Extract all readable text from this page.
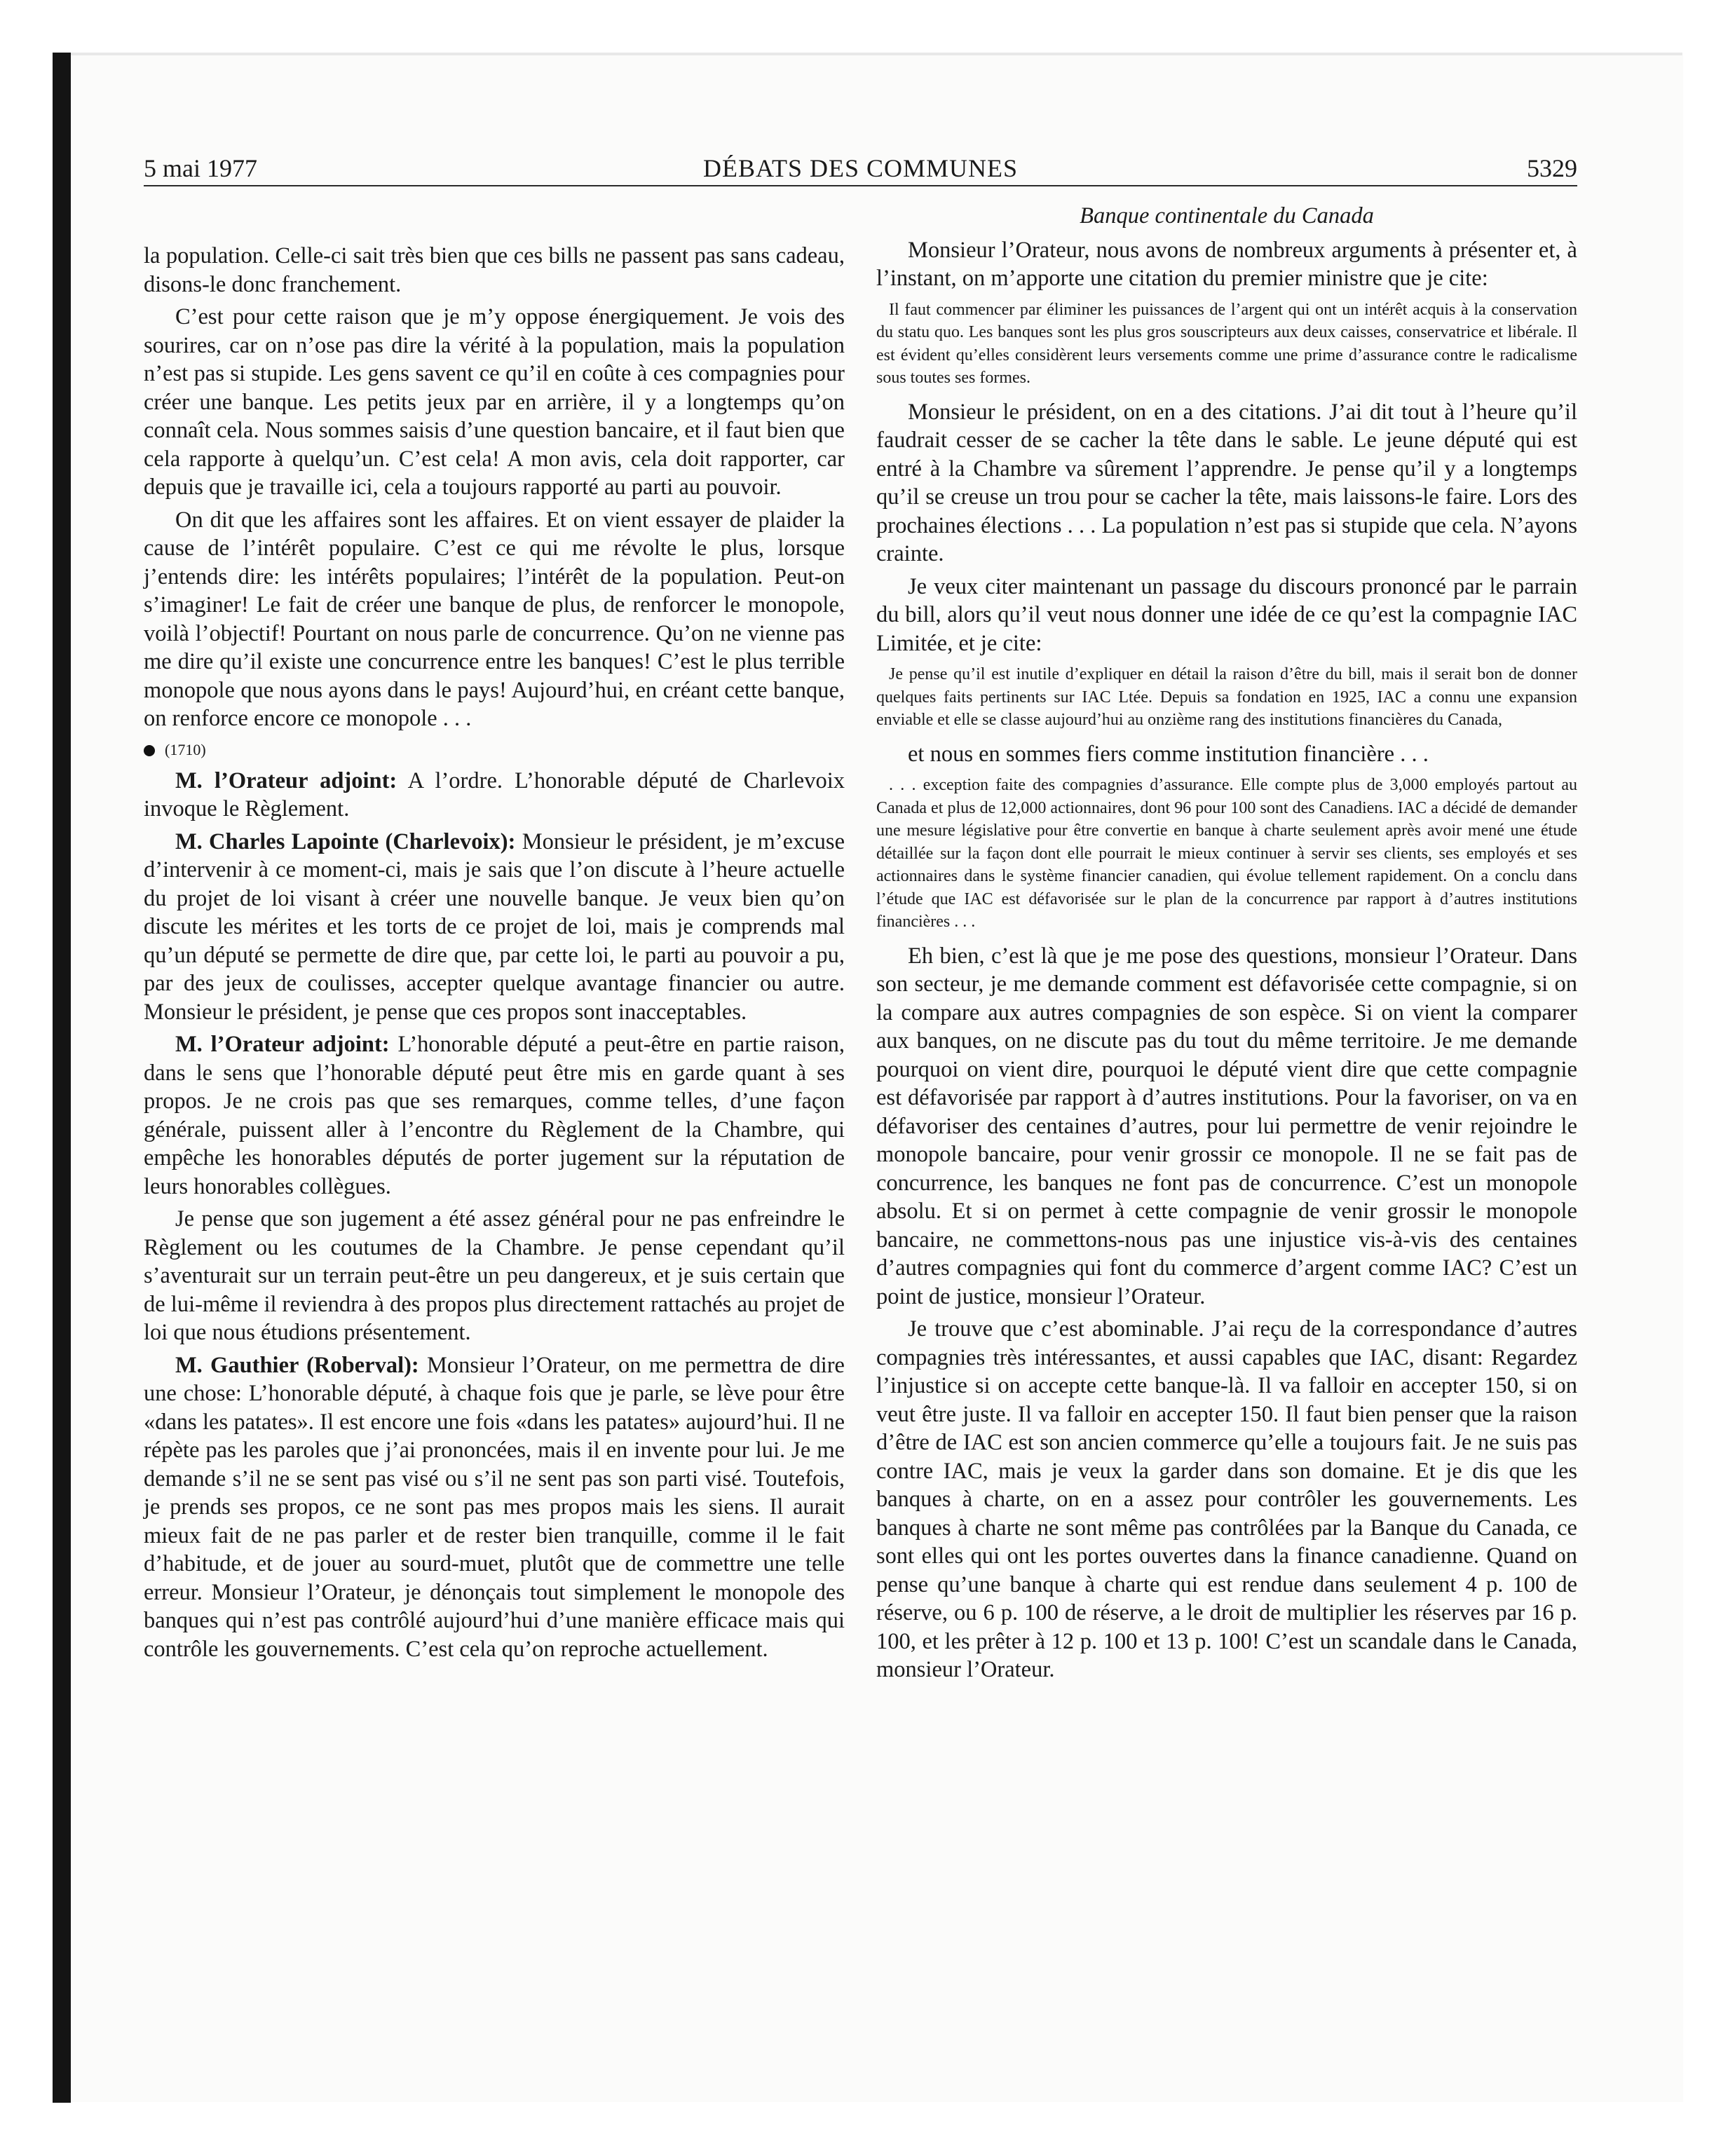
DÉBATS DES COMMUNES
5 mai 1977	5329

la population. Celle-ci sait très bien que ces bills ne passent pas sans cadeau, disons-le donc franchement.

C’est pour cette raison que je m’y oppose énergiquement. Je vois des sourires, car on n’ose pas dire la vérité à la population, mais la population n’est pas si stupide. Les gens savent ce qu’il en coûte à ces compagnies pour créer une banque. Les petits jeux par en arrière, il y a longtemps qu’on connaît cela. Nous sommes saisis d’une question bancaire, et il faut bien que cela rapporte à quelqu’un. C’est cela! A mon avis, cela doit rapporter, car depuis que je travaille ici, cela a toujours rapporté au parti au pouvoir.

On dit que les affaires sont les affaires. Et on vient essayer de plaider la cause de l’intérêt populaire. C’est ce qui me révolte le plus, lorsque j’entends dire: les intérêts populaires; l’intérêt de la population. Peut-on s’imaginer! Le fait de créer une banque de plus, de renforcer le monopole, voilà l’objectif! Pourtant on nous parle de concurrence. Qu’on ne vienne pas me dire qu’il existe une concurrence entre les banques! C’est le plus terrible monopole que nous ayons dans le pays! Aujourd’hui, en créant cette banque, on renforce encore ce monopole . . .

(1710)

M. l’Orateur adjoint: A l’ordre. L’honorable député de Charlevoix invoque le Règlement.

M. Charles Lapointe (Charlevoix): Monsieur le président, je m’excuse d’intervenir à ce moment-ci, mais je sais que l’on discute à l’heure actuelle du projet de loi visant à créer une nouvelle banque. Je veux bien qu’on discute les mérites et les torts de ce projet de loi, mais je comprends mal qu’un député se permette de dire que, par cette loi, le parti au pouvoir a pu, par des jeux de coulisses, accepter quelque avantage financier ou autre. Monsieur le président, je pense que ces propos sont inacceptables.

M. l’Orateur adjoint: L’honorable député a peut-être en partie raison, dans le sens que l’honorable député peut être mis en garde quant à ses propos. Je ne crois pas que ses remarques, comme telles, d’une façon générale, puissent aller à l’encontre du Règlement de la Chambre, qui empêche les honorables députés de porter jugement sur la réputation de leurs honorables collègues.

Je pense que son jugement a été assez général pour ne pas enfreindre le Règlement ou les coutumes de la Chambre. Je pense cependant qu’il s’aventurait sur un terrain peut-être un peu dangereux, et je suis certain que de lui-même il reviendra à des propos plus directement rattachés au projet de loi que nous étudions présentement.

M. Gauthier (Roberval): Monsieur l’Orateur, on me permettra de dire une chose: L’honorable député, à chaque fois que je parle, se lève pour être «dans les patates». Il est encore une fois «dans les patates» aujourd’hui. Il ne répète pas les paroles que j’ai prononcées, mais il en invente pour lui. Je me demande s’il ne se sent pas visé ou s’il ne sent pas son parti visé. Toutefois, je prends ses propos, ce ne sont pas mes propos mais les siens. Il aurait mieux fait de ne pas parler et de rester bien tranquille, comme il le fait d’habitude, et de jouer au sourd-muet, plutôt que de commettre une telle erreur. Monsieur l’Orateur, je dénonçais tout simplement le monopole des banques qui n’est pas contrôlé aujourd’hui d’une manière efficace mais qui contrôle les gouvernements. C’est cela qu’on reproche actuellement.

Banque continentale du Canada

Monsieur l’Orateur, nous avons de nombreux arguments à présenter et, à l’instant, on m’apporte une citation du premier ministre que je cite:

Il faut commencer par éliminer les puissances de l’argent qui ont un intérêt acquis à la conservation du statu quo. Les banques sont les plus gros souscripteurs aux deux caisses, conservatrice et libérale. Il est évident qu’elles considèrent leurs versements comme une prime d’assurance contre le radicalisme sous toutes ses formes.

Monsieur le président, on en a des citations. J’ai dit tout à l’heure qu’il faudrait cesser de se cacher la tête dans le sable. Le jeune député qui est entré à la Chambre va sûrement l’apprendre. Je pense qu’il y a longtemps qu’il se creuse un trou pour se cacher la tête, mais laissons-le faire. Lors des prochaines élections . . . La population n’est pas si stupide que cela. N’ayons crainte.

Je veux citer maintenant un passage du discours prononcé par le parrain du bill, alors qu’il veut nous donner une idée de ce qu’est la compagnie IAC Limitée, et je cite:

Je pense qu’il est inutile d’expliquer en détail la raison d’être du bill, mais il serait bon de donner quelques faits pertinents sur IAC Ltée. Depuis sa fondation en 1925, IAC a connu une expansion enviable et elle se classe aujourd’hui au onzième rang des institutions financières du Canada,

et nous en sommes fiers comme institution financière . . .

. . . exception faite des compagnies d’assurance. Elle compte plus de 3,000 employés partout au Canada et plus de 12,000 actionnaires, dont 96 pour 100 sont des Canadiens. IAC a décidé de demander une mesure législative pour être convertie en banque à charte seulement après avoir mené une étude détaillée sur la façon dont elle pourrait le mieux continuer à servir ses clients, ses employés et ses actionnaires dans le système financier canadien, qui évolue tellement rapidement. On a conclu dans l’étude que IAC est défavorisée sur le plan de la concurrence par rapport à d’autres institutions financières . . .

Eh bien, c’est là que je me pose des questions, monsieur l’Orateur. Dans son secteur, je me demande comment est défavorisée cette compagnie, si on la compare aux autres compagnies de son espèce. Si on vient la comparer aux banques, on ne discute pas du tout du même territoire. Je me demande pourquoi on vient dire, pourquoi le député vient dire que cette compagnie est défavorisée par rapport à d’autres institutions. Pour la favoriser, on va en défavoriser des centaines d’autres, pour lui permettre de venir rejoindre le monopole bancaire, pour venir grossir ce monopole. Il ne se fait pas de concurrence, les banques ne font pas de concurrence. C’est un monopole absolu. Et si on permet à cette compagnie de venir grossir le monopole bancaire, ne commettons-nous pas une injustice vis-à-vis des centaines d’autres compagnies qui font du commerce d’argent comme IAC? C’est un point de justice, monsieur l’Orateur.

Je trouve que c’est abominable. J’ai reçu de la correspondance d’autres compagnies très intéressantes, et aussi capables que IAC, disant: Regardez l’injustice si on accepte cette banque-là. Il va falloir en accepter 150, si on veut être juste. Il va falloir en accepter 150. Il faut bien penser que la raison d’être de IAC est son ancien commerce qu’elle a toujours fait. Je ne suis pas contre IAC, mais je veux la garder dans son domaine. Et je dis que les banques à charte, on en a assez pour contrôler les gouvernements. Les banques à charte ne sont même pas contrôlées par la Banque du Canada, ce sont elles qui ont les portes ouvertes dans la finance canadienne. Quand on pense qu’une banque à charte qui est rendue dans seulement 4 p. 100 de réserve, ou 6 p. 100 de réserve, a le droit de multiplier les réserves par 16 p. 100, et les prêter à 12 p. 100 et 13 p. 100! C’est un scandale dans le Canada, monsieur l’Orateur.
